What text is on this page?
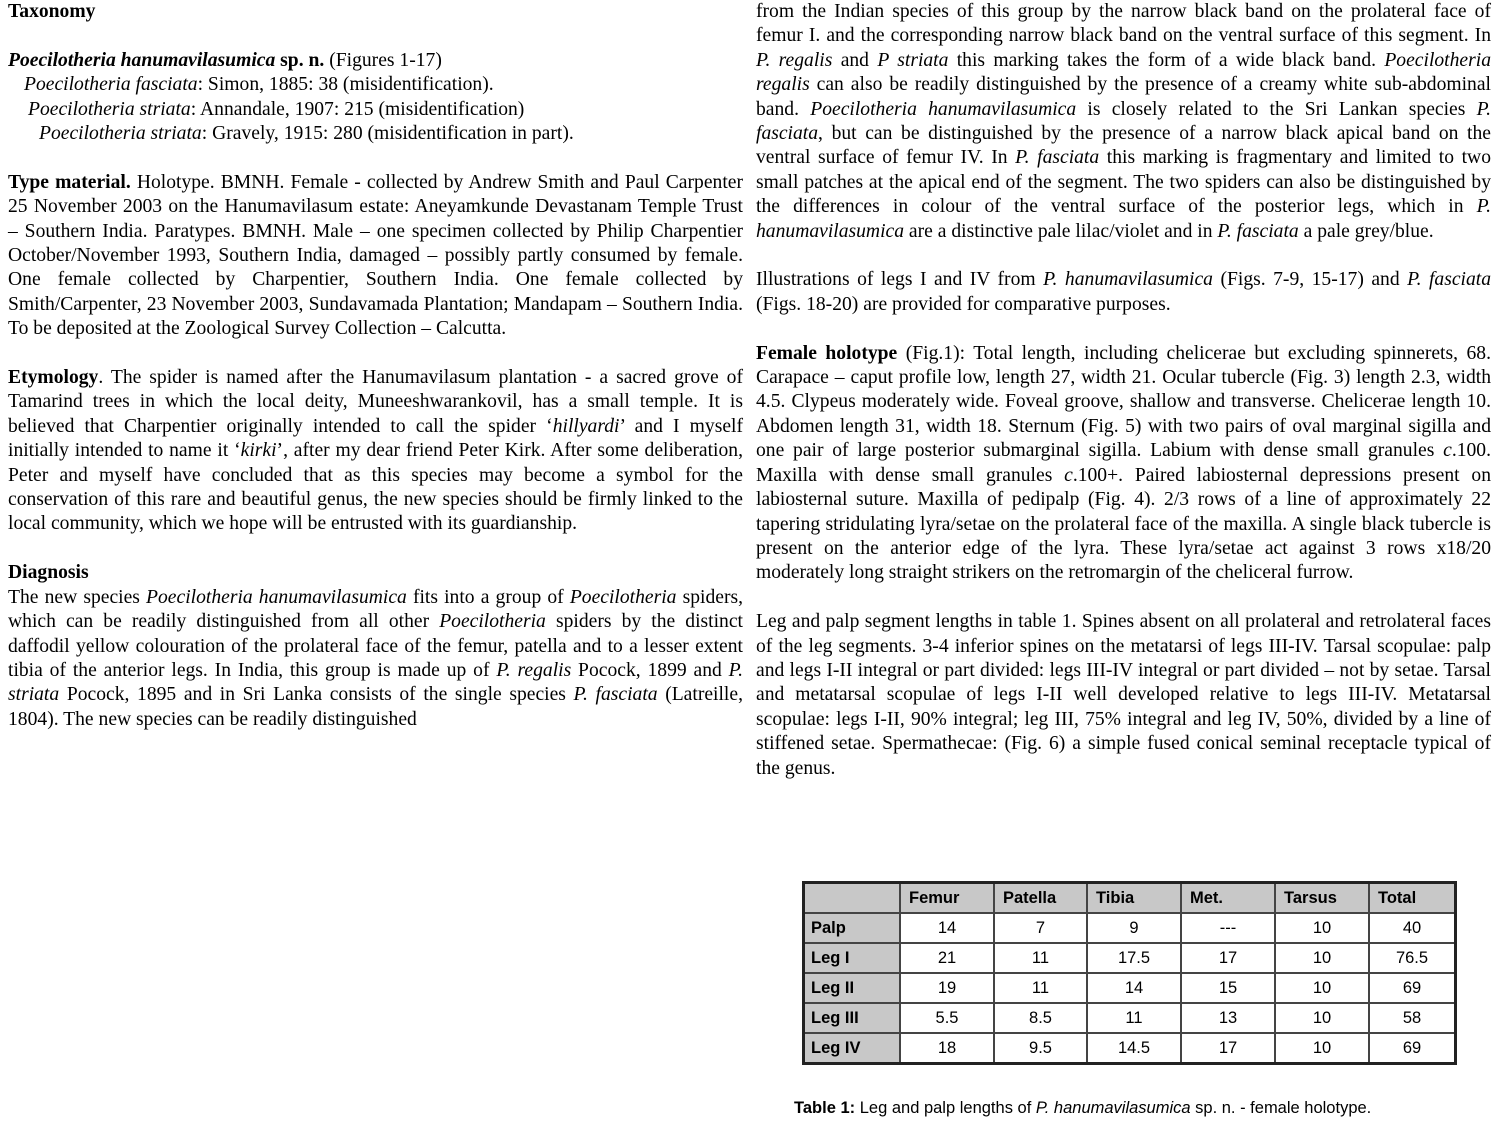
Taxonomy

Poecilotheria hanumavilasumica sp. n. (Figures 1-17)

Poecilotheria fasciata: Simon, 1885: 38 (misidentification).

Poecilotheria striata: Annandale, 1907: 215 (misidentification)

Poecilotheria striata: Gravely, 1915: 280 (misidentification in part).

Type material. Holotype. BMNH. Female - collected by Andrew Smith and Paul Carpenter 25 November 2003 on the Hanumavilasum estate: Aneyamkunde Devastanam Temple Trust – Southern India. Paratypes. BMNH. Male – one specimen collected by Philip Charpentier October/November 1993, Southern India, damaged – possibly partly consumed by female. One female collected by Charpentier, Southern India. One female collected by Smith/Carpenter, 23 November 2003, Sundavamada Plantation; Mandapam – Southern India. To be deposited at the Zoological Survey Collection – Calcutta.

Etymology. The spider is named after the Hanumavilasum plantation - a sacred grove of Tamarind trees in which the local deity, Muneeshwarankovil, has a small temple. It is believed that Charpentier originally intended to call the spider ‘hillyardi’ and I myself initially intended to name it ‘kirki’, after my dear friend Peter Kirk. After some deliberation, Peter and myself have concluded that as this species may become a symbol for the conservation of this rare and beautiful genus, the new species should be firmly linked to the local community, which we hope will be entrusted with its guardianship.

Diagnosis

The new species Poecilotheria hanumavilasumica fits into a group of Poecilotheria spiders, which can be readily distinguished from all other Poecilotheria spiders by the distinct daffodil yellow colouration of the prolateral face of the femur, patella and to a lesser extent tibia of the anterior legs. In India, this group is made up of P. regalis Pocock, 1899 and P. striata Pocock, 1895 and in Sri Lanka consists of the single species P. fasciata (Latreille, 1804). The new species can be readily distinguished

from the Indian species of this group by the narrow black band on the prolateral face of femur I. and the corresponding narrow black band on the ventral surface of this segment. In P. regalis and P striata this marking takes the form of a wide black band. Poecilotheria regalis can also be readily distinguished by the presence of a creamy white sub-abdominal band. Poecilotheria hanumavilasumica is closely related to the Sri Lankan species P. fasciata, but can be distinguished by the presence of a narrow black apical band on the ventral surface of femur IV. In P. fasciata this marking is fragmentary and limited to two small patches at the apical end of the segment. The two spiders can also be distinguished by the differences in colour of the ventral surface of the posterior legs, which in P. hanumavilasumica are a distinctive pale lilac/violet and in P. fasciata a pale grey/blue.

Illustrations of legs I and IV from P. hanumavilasumica (Figs. 7-9, 15-17) and P. fasciata (Figs. 18-20) are provided for comparative purposes.

Female holotype (Fig.1): Total length, including chelicerae but excluding spinnerets, 68. Carapace – caput profile low, length 27, width 21. Ocular tubercle (Fig. 3) length 2.3, width 4.5. Clypeus moderately wide. Foveal groove, shallow and transverse. Chelicerae length 10. Abdomen length 31, width 18. Sternum (Fig. 5) with two pairs of oval marginal sigilla and one pair of large posterior submarginal sigilla. Labium with dense small granules c.100. Maxilla with dense small granules c.100+. Paired labiosternal depressions present on labiosternal suture. Maxilla of pedipalp (Fig. 4). 2/3 rows of a line of approximately 22 tapering stridulating lyra/setae on the prolateral face of the maxilla. A single black tubercle is present on the anterior edge of the lyra. These lyra/setae act against 3 rows x18/20 moderately long straight strikers on the retromargin of the cheliceral furrow.

Leg and palp segment lengths in table 1. Spines absent on all prolateral and retrolateral faces of the leg segments. 3-4 inferior spines on the metatarsi of legs III-IV. Tarsal scopulae: palp and legs I-II integral or part divided: legs III-IV integral or part divided – not by setae. Tarsal and metatarsal scopulae of legs I-II well developed relative to legs III-IV. Metatarsal scopulae: legs I-II, 90% integral; leg III, 75% integral and leg IV, 50%, divided by a line of stiffened setae. Spermathecae: (Fig. 6) a simple fused conical seminal receptacle typical of the genus.

	Femur	Patella	Tibia	Met.	Tarsus	Total
Palp	14	7	9	---	10	40
Leg I	21	11	17.5	17	10	76.5
Leg II	19	11	14	15	10	69
Leg III	5.5	8.5	11	13	10	58
Leg IV	18	9.5	14.5	17	10	69
Table 1: Leg and palp lengths of P. hanumavilasumica sp. n. - female holotype.
